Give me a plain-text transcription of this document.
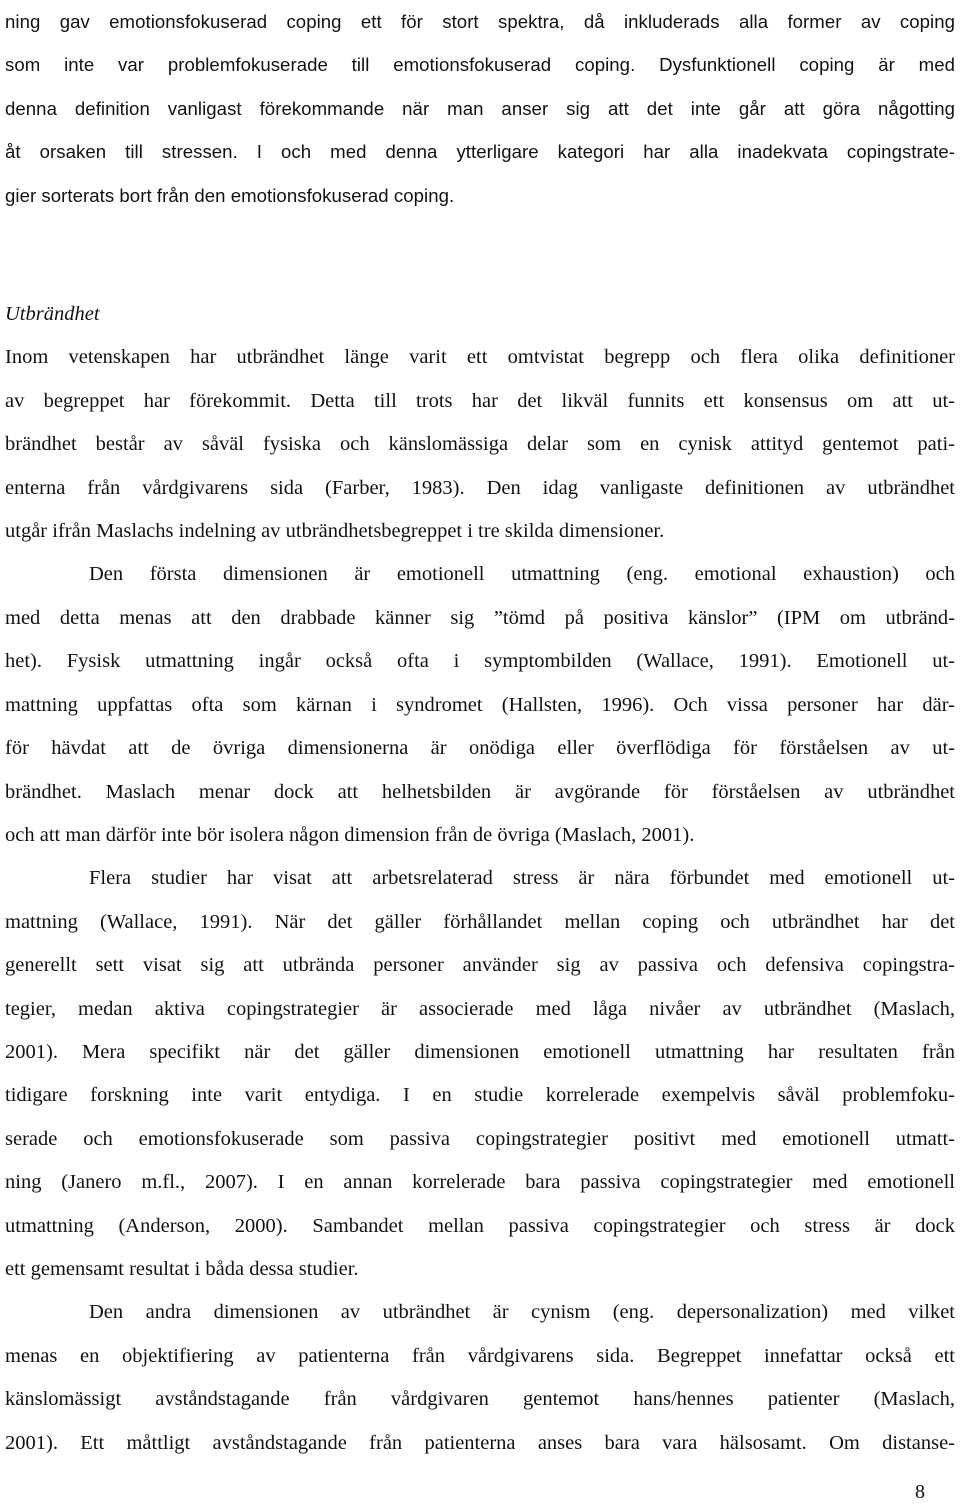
ning gav emotionsfokuserad coping ett för stort spektra, då inkluderads alla former av coping
som inte var problemfokuserade till emotionsfokuserad coping. Dysfunktionell coping är med
denna definition vanligast förekommande när man anser sig att det inte går att göra någotting
åt orsaken till stressen. I och med denna ytterligare kategori har alla inadekvata copingstrate-
gier sorterats bort från den emotionsfokuserad coping.
Utbrändhet
Inom vetenskapen har utbrändhet länge varit ett omtvistat begrepp och flera olika definitioner
av begreppet har förekommit. Detta till trots har det likväl funnits ett konsensus om att ut-
brändhet består av såväl fysiska och känslomässiga delar som en cynisk attityd gentemot pati-
enterna från vårdgivarens sida (Farber, 1983). Den idag vanligaste definitionen av utbrändhet
utgår ifrån Maslachs indelning av utbrändhetsbegreppet i tre skilda dimensioner.
Den första dimensionen är emotionell utmattning (eng. emotional exhaustion) och
med detta menas att den drabbade känner sig ”tömd på positiva känslor” (IPM om utbränd-
het). Fysisk utmattning ingår också ofta i symptombilden (Wallace, 1991). Emotionell ut-
mattning uppfattas ofta som kärnan i syndromet (Hallsten, 1996). Och vissa personer har där-
för hävdat att de övriga dimensionerna är onödiga eller överflödiga för förståelsen av ut-
brändhet. Maslach menar dock att helhetsbilden är avgörande för förståelsen av utbrändhet
och att man därför inte bör isolera någon dimension från de övriga (Maslach, 2001).
Flera studier har visat att arbetsrelaterad stress är nära förbundet med emotionell ut-
mattning (Wallace, 1991). När det gäller förhållandet mellan coping och utbrändhet har det
generellt sett visat sig att utbrända personer använder sig av passiva och defensiva copingstra-
tegier, medan aktiva copingstrategier är associerade med låga nivåer av utbrändhet (Maslach,
2001). Mera specifikt när det gäller dimensionen emotionell utmattning har resultaten från
tidigare forskning inte varit entydiga. I en studie korrelerade exempelvis såväl problemfoku-
serade och emotionsfokuserade som passiva copingstrategier positivt med emotionell utmatt-
ning (Janero m.fl., 2007). I en annan korrelerade bara passiva copingstrategier med emotionell
utmattning (Anderson, 2000). Sambandet mellan passiva copingstrategier och stress är dock
ett gemensamt resultat i båda dessa studier.
Den andra dimensionen av utbrändhet är cynism (eng. depersonalization) med vilket
menas en objektifiering av patienterna från vårdgivarens sida. Begreppet innefattar också ett
känslomässigt avståndstagande från vårdgivaren gentemot hans/hennes patienter (Maslach,
2001). Ett måttligt avståndstagande från patienterna anses bara vara hälsosamt. Om distanse-
8
